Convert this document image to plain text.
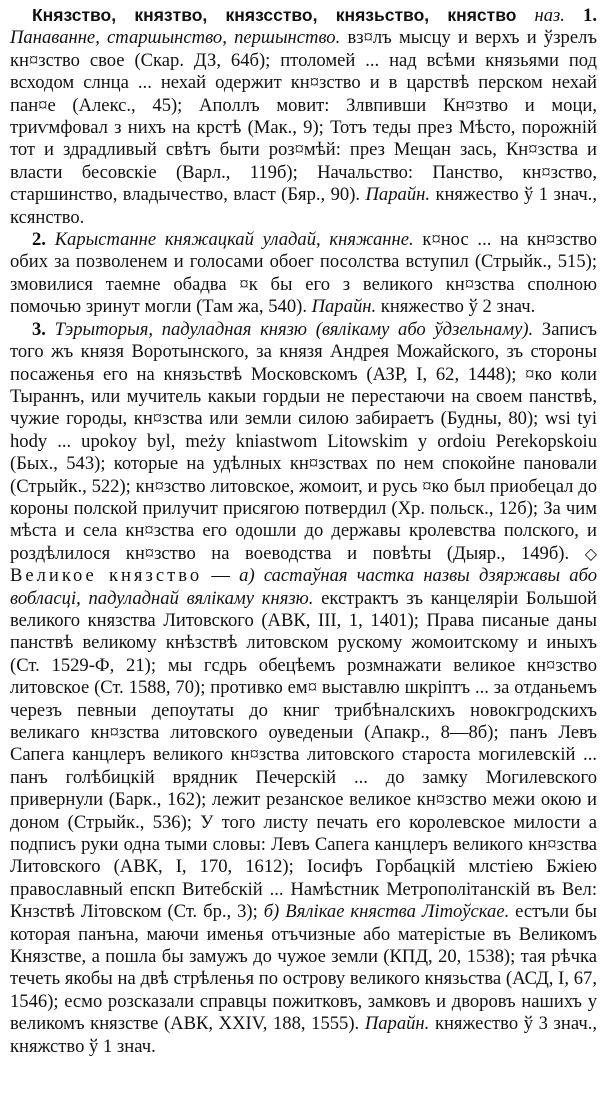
Князство, князтво, князсство, князьство, княство наз. 1. Панаванне, старшынство, першынство. вз¤лъ мысцу и верхъ и ўзрелъ кн¤зство свое (Скар. ДЗ, 64б); птоломей ... над всѣми князьями под всходом слнца ... нехай одержит кн¤зство и в царствѣ перском нехай пан¤е (Алекс., 45); Аполлъ мовит: Злвпивши Кн¤зтво и моци, триѵмфовал з нихъ на крстѣ (Мак., 9); Тотъ теды през Мѣсто, порожній тот и здрадливый свѣтъ быти роз¤мѣй: през Мещан зась, Кн¤зства и власти бесовскіе (Варл., 119б); Начальство: Панство, кн¤зство, старшинство, владычество, власт (Бяр., 90). Парайн. княжество ў 1 знач., ксянство.

2. Карыстанне княжацкай уладай, княжанне. к¤нос ... на кн¤зство обих за позволенем и голосами обоег посолства вступил (Стрыйк., 515); змовилися таемне обадва ¤к бы его з великого кн¤зства сполною помочью зринут могли (Там жа, 540). Парайн. княжество ў 2 знач.

3. Тэрыторыя, падуладная князю (вялікаму або ўдзельнаму). Записъ того жъ князя Воротынского, за князя Андрея Можайского, зъ стороны посаженья его на князьствѣ Московскомъ (АЗР, I, 62, 1448); ¤ко коли Тыраннъ, или мучитель какыи гордыи не перестаючи на своем панствѣ, чужие городы, кн¤зства или земли силою забираетъ (Будны, 80); wsi tyi hody ... upokoy byl, meży kniastwom Litowskim y ordoiu Perekopskoiu (Бых., 543); которые на удѣлных кн¤зствах по нем спокойне пановали (Стрыйк., 522); кн¤зство литовское, жомоит, и русь ¤ко был приобецал до короны полской прилучит присягою потвердил (Хр. польск., 12б); За чим мѣста и села кн¤зства его одошли до державы кролевства полского, и роздѣлилося кн¤зство на воеводства и повѣты (Дыяр., 149б). ◇ Великое князство — а) састаўная частка назвы дзяржавы або вобласці, падуладнай вялікаму князю. екстрактъ зъ канцеляріи Большой великого князства Литовского (АВК, III, 1, 1401); Права писаные даны панствѣ великому кнѣзствѣ литовском рускому жомоитскому и иныхъ (Ст. 1529-Ф, 21); мы гсдрь обецѣемъ розмнажати великое кн¤зство литовское (Ст. 1588, 70); противко ем¤ выставлю шкрiптъ ... за отданьемъ черезъ певныи депоутаты до книг трибѣналскихъ новокгродскихъ великаго кн¤зства литовского оуведеныи (Апакр., 8—8б); панъ Левъ Сапега канцлеръ великого кн¤зства литовского староста могилевскій ... панъ голѣбицкій врядник Печерскій ... до замку Могилевского привернули (Барк., 162); лежит резанское великое кн¤зство межи окою и доном (Стрыйк., 536); У того листу печать его королевское милости а подписъ руки одна тыми словы: Левъ Сапега канцлеръ великого кн¤зства Литовского (АВК, I, 170, 1612); Iосифъ Горбацкій млстiею Бжiею православный епскп Витебскій ... Намѣстник Метрополітанскій въ Вел: Кнзствѣ Лiтовском (Ст. бр., 3); б) Вялікае княства Літоўскае. естъли бы которая панъна, маючи именья отъчизные або матерiстые въ Великомъ Князстве, а пошла бы замужъ до чужое земли (КПД, 20, 1538); тая рѣчка течеть якобы на двѣ стрѣленья по острову великого князьства (АСД, I, 67, 1546); есмо розсказали справцы пожитковъ, замковъ и дворовъ нашихъ у великомъ князстве (АВК, XXIV, 188, 1555). Парайн. княжество ў 3 знач., княжство ў 1 знач.
